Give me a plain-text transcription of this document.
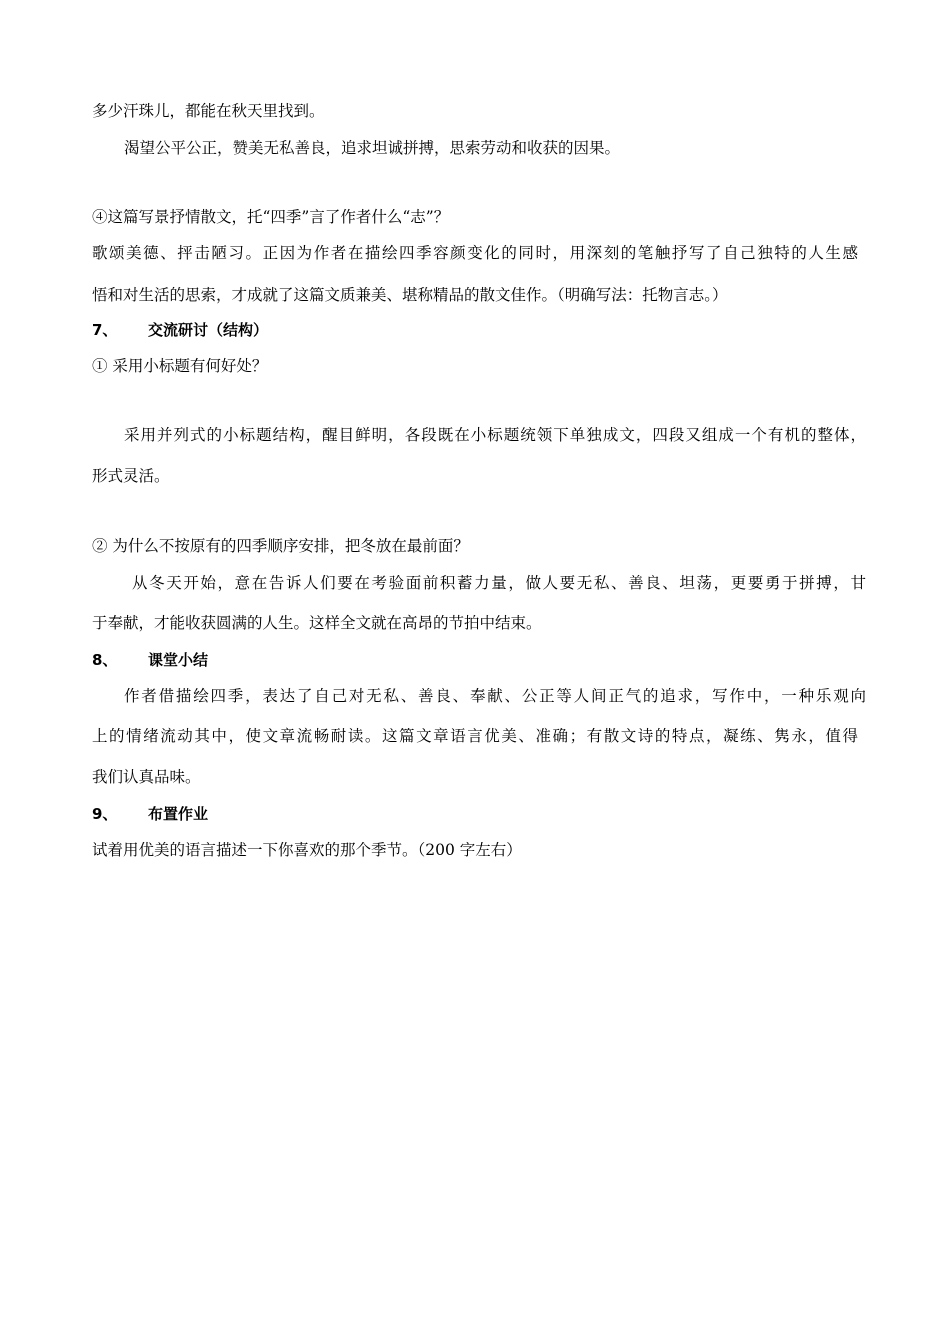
多少汗珠儿，都能在秋天里找到。
渴望公平公正，赞美无私善良，追求坦诚拼搏，思索劳动和收获的因果。
④这篇写景抒情散文，托“四季”言了作者什么“志”？
歌颂美德、抨击陋习。正因为作者在描绘四季容颜变化的同时，用深刻的笔触抒写了自己独特的人生感
悟和对生活的思索，才成就了这篇文质兼美、堪称精品的散文佳作。（明确写法：托物言志。）
7、 交流研讨（结构）
① 采用小标题有何好处？
采用并列式的小标题结构，醒目鲜明，各段既在小标题统领下单独成文，四段又组成一个有机的整体，
形式灵活。
② 为什么不按原有的四季顺序安排，把冬放在最前面？
从冬天开始，意在告诉人们要在考验面前积蓄力量，做人要无私、善良、坦荡，更要勇于拼搏，甘
于奉献，才能收获圆满的人生。这样全文就在高昂的节拍中结束。
8、 课堂小结
作者借描绘四季，表达了自己对无私、善良、奉献、公正等人间正气的追求，写作中，一种乐观向
上的情绪流动其中，使文章流畅耐读。这篇文章语言优美、准确；有散文诗的特点，凝练、隽永，值得
我们认真品味。
9、 布置作业
试着用优美的语言描述一下你喜欢的那个季节。（200 字左右）
